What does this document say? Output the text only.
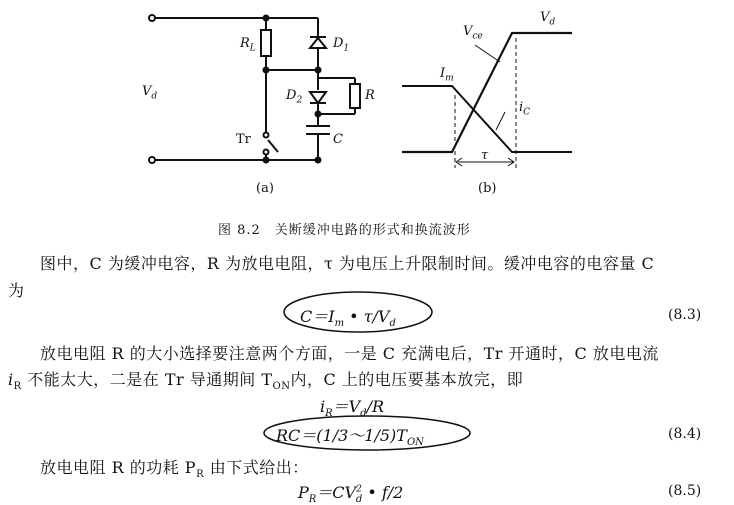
$R_L$	$D_1$
$D_2$	R
$V_d$
Tr	C
(a)
$V_d$
$V_{ce}$
$I_m$
$i_C$
τ
(b)
图 8.2　关断缓冲电路的形式和换流波形
图中，C 为缓冲电容，R 为放电电阻，τ 为电压上升限制时间。缓冲电容的电容量 C
为
$C=I_m$ • $\tau/V_d$
(8.3)
放电电阻 R 的大小选择要注意两个方面，一是 C 充满电后，Tr 开通时，C 放电电流
$i_R$ 不能太大，二是在 Tr 导通期间 $T_{ON}$内，C 上的电压要基本放完，即
$i_R=V_d/R$
$RC=(1/3\sim 1/5)T_{ON}$
(8.4)
放电电阻 R 的功耗 $P_R$ 由下式给出：
$P_R=CV^2_d$ • f/2	(8.5)
